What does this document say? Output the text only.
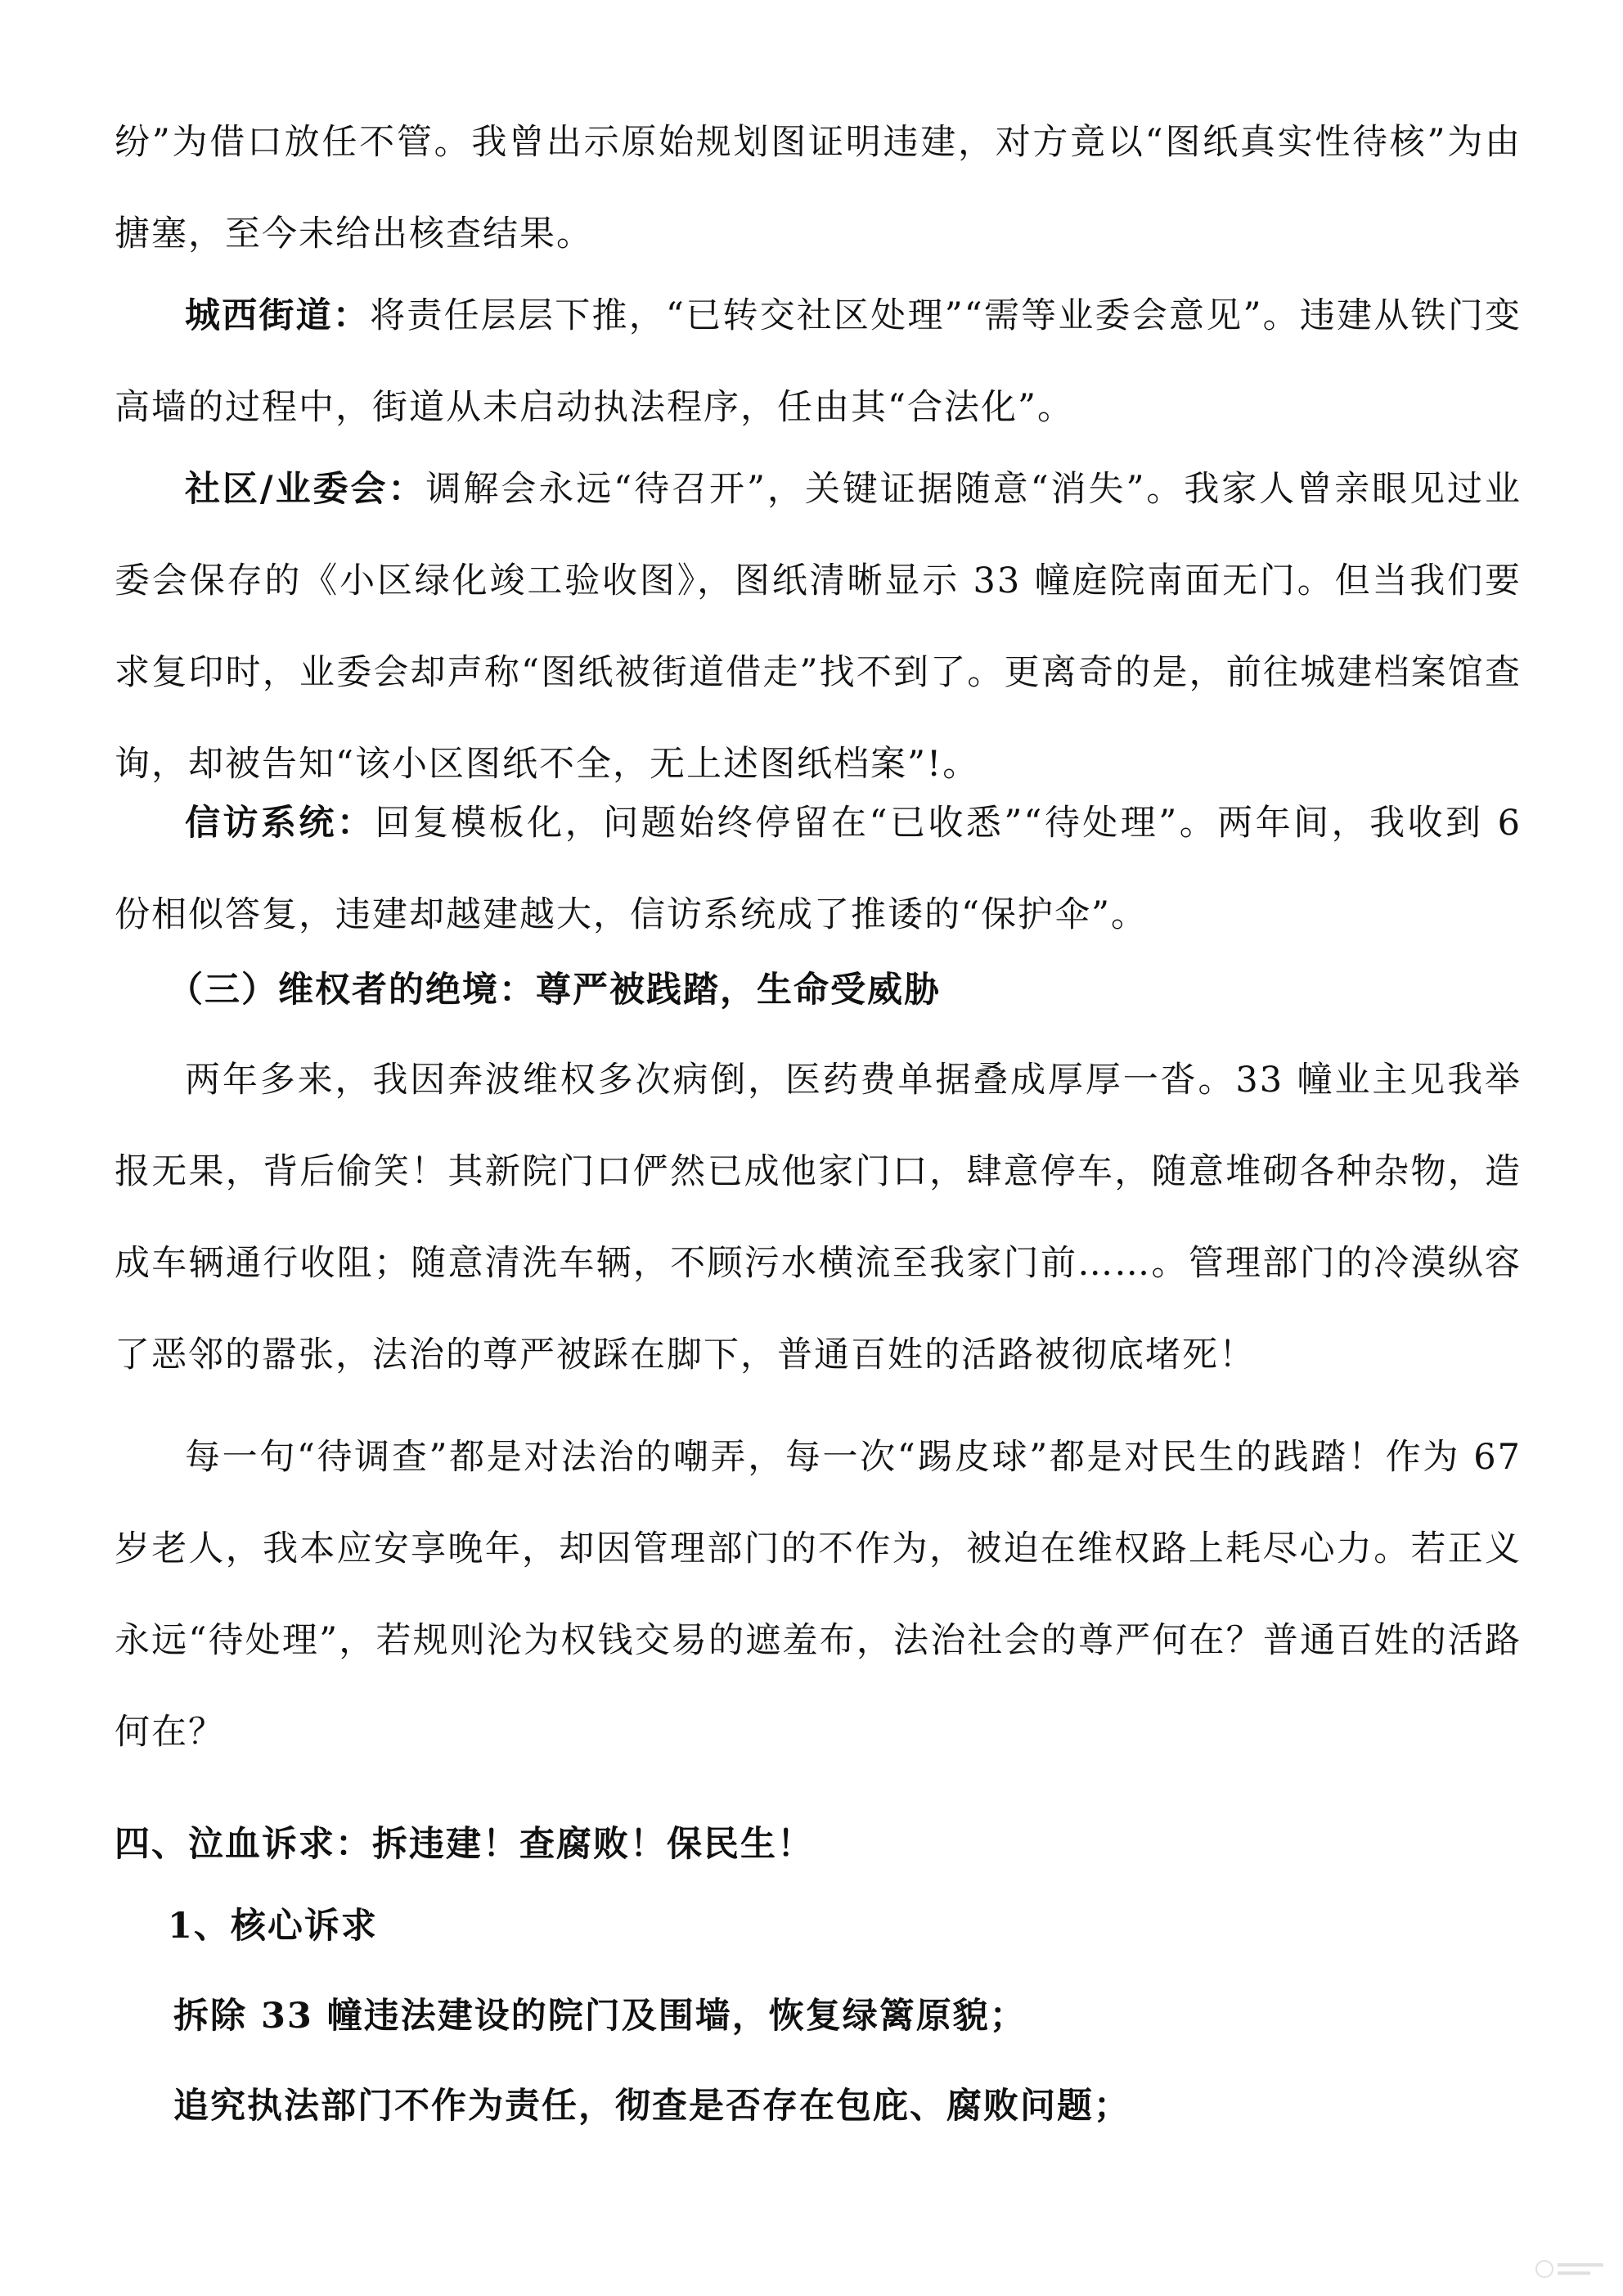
纷”为借口放任不管。我曾出示原始规划图证明违建，对方竟以“图纸真实性待核”为由搪塞，至今未给出核查结果。

城西街道：将责任层层下推，“已转交社区处理”“需等业委会意见”。违建从铁门变高墙的过程中，街道从未启动执法程序，任由其“合法化”。

社区/业委会：调解会永远“待召开”，关键证据随意“消失”。我家人曾亲眼见过业委会保存的《小区绿化竣工验收图》，图纸清晰显示 33 幢庭院南面无门。但当我们要求复印时，业委会却声称“图纸被街道借走”找不到了。更离奇的是，前往城建档案馆查询，却被告知“该小区图纸不全，无上述图纸档案”!。

信访系统：回复模板化，问题始终停留在“已收悉”“待处理”。两年间，我收到 6 份相似答复，违建却越建越大，信访系统成了推诿的“保护伞”。

（三）维权者的绝境：尊严被践踏，生命受威胁

两年多来，我因奔波维权多次病倒，医药费单据叠成厚厚一沓。33 幢业主见我举报无果，背后偷笑！其新院门口俨然已成他家门口，肆意停车，随意堆砌各种杂物，造成车辆通行收阻；随意清洗车辆，不顾污水横流至我家门前……。管理部门的冷漠纵容了恶邻的嚣张，法治的尊严被踩在脚下，普通百姓的活路被彻底堵死！

每一句“待调查”都是对法治的嘲弄，每一次“踢皮球”都是对民生的践踏！作为 67 岁老人，我本应安享晚年，却因管理部门的不作为，被迫在维权路上耗尽心力。若正义永远“待处理”，若规则沦为权钱交易的遮羞布，法治社会的尊严何在？普通百姓的活路何在？

四、泣血诉求：拆违建！查腐败！保民生！
1、核心诉求

拆除 33 幢违法建设的院门及围墙，恢复绿篱原貌；

追究执法部门不作为责任，彻查是否存在包庇、腐败问题；
